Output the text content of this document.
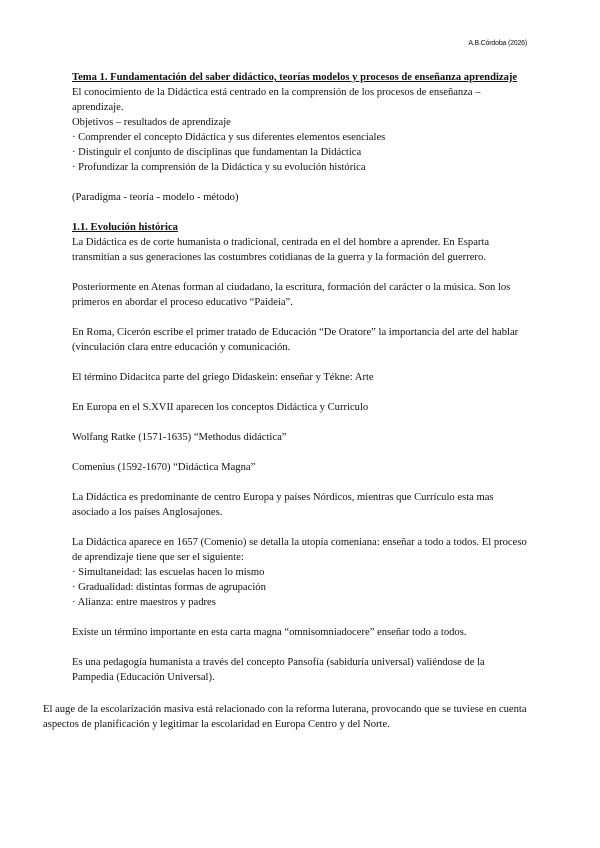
A.B.Córdoba (2026)

Tema 1. Fundamentación del saber didáctico, teorías modelos y procesos de enseñanza aprendizaje

El conocimiento de la Didáctica está centrado en la comprensión de los procesos de enseñanza – aprendizaje.

Objetivos – resultados de aprendizaje

· Comprender el concepto Didáctica y sus diferentes elementos esenciales

· Distinguir el conjunto de disciplinas que fundamentan la Didáctica

· Profundizar la comprensión de la Didáctica y su evolución histórica

(Paradigma - teoría - modelo - método)

1.1. Evolución histórica

La Didáctica es de corte humanista o tradicional, centrada en el del hombre a aprender. En Esparta transmitían a sus generaciones las costumbres cotidianas de la guerra y la formación del guerrero.

Posteriormente en Atenas forman al ciudadano, la escritura, formación del carácter o la música. Son los primeros en abordar el proceso educativo “Paideia”.

En Roma, Cicerón escribe el primer tratado de Educación “De Oratore” la importancia del arte del hablar (vinculación clara entre educación y comunicación.

El término Didacitca parte del griego Didaskein: enseñar y Tékne: Arte

En Europa en el S.XVII aparecen los conceptos Didáctica y Curriculo

Wolfang Ratke (1571-1635) “Methodus didáctica”

Comenius (1592-1670) “Didáctica Magna”

La Didáctica es predominante de centro Europa y países Nórdicos, mientras que Currículo esta mas asociado a los países Anglosajones.

La Didáctica aparece en 1657 (Comenio) se detalla la utopía comeniana: enseñar a todo a todos. El proceso de aprendizaje tiene que ser el siguiente:

· Simultaneidad: las escuelas hacen lo mismo

· Gradualidad: distintas formas de agrupación

· Alianza: entre maestros y padres

Existe un término importante en esta carta magna “omnisomniadocere” enseñar todo a todos.

Es una pedagogía humanista a través del concepto Pansofía (sabiduría universal) valiéndose de la Pampedia (Educación Universal).

El auge de la escolarización masiva está relacionado con la reforma luterana, provocando que se tuviese en cuenta aspectos de planificación y legitimar la escolaridad en Europa Centro y del Norte.
